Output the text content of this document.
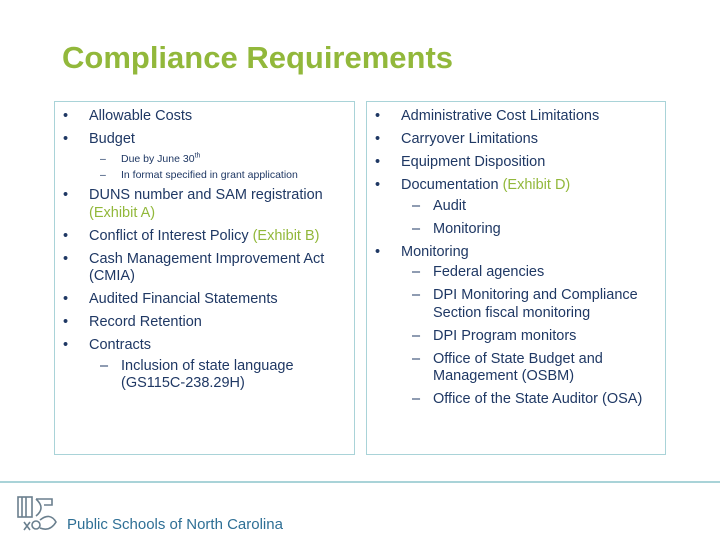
Compliance Requirements
•	Allowable Costs
•	Budget
– Due by June 30th
– In format specified in grant application
•	DUNS number and SAM registration (Exhibit A)
•	Conflict of Interest Policy (Exhibit B)
•	Cash Management Improvement Act (CMIA)
•	Audited Financial Statements
•	Record Retention
•	Contracts
– Inclusion of state language (GS115C-238.29H)
•	Administrative Cost Limitations
•	Carryover Limitations
•	Equipment Disposition
•	Documentation (Exhibit D)
– Audit
– Monitoring
•	Monitoring
– Federal agencies
– DPI Monitoring and Compliance Section fiscal monitoring
– DPI Program monitors
– Office of State Budget and Management (OSBM)
– Office of the State Auditor (OSA)
Public Schools of North Carolina
